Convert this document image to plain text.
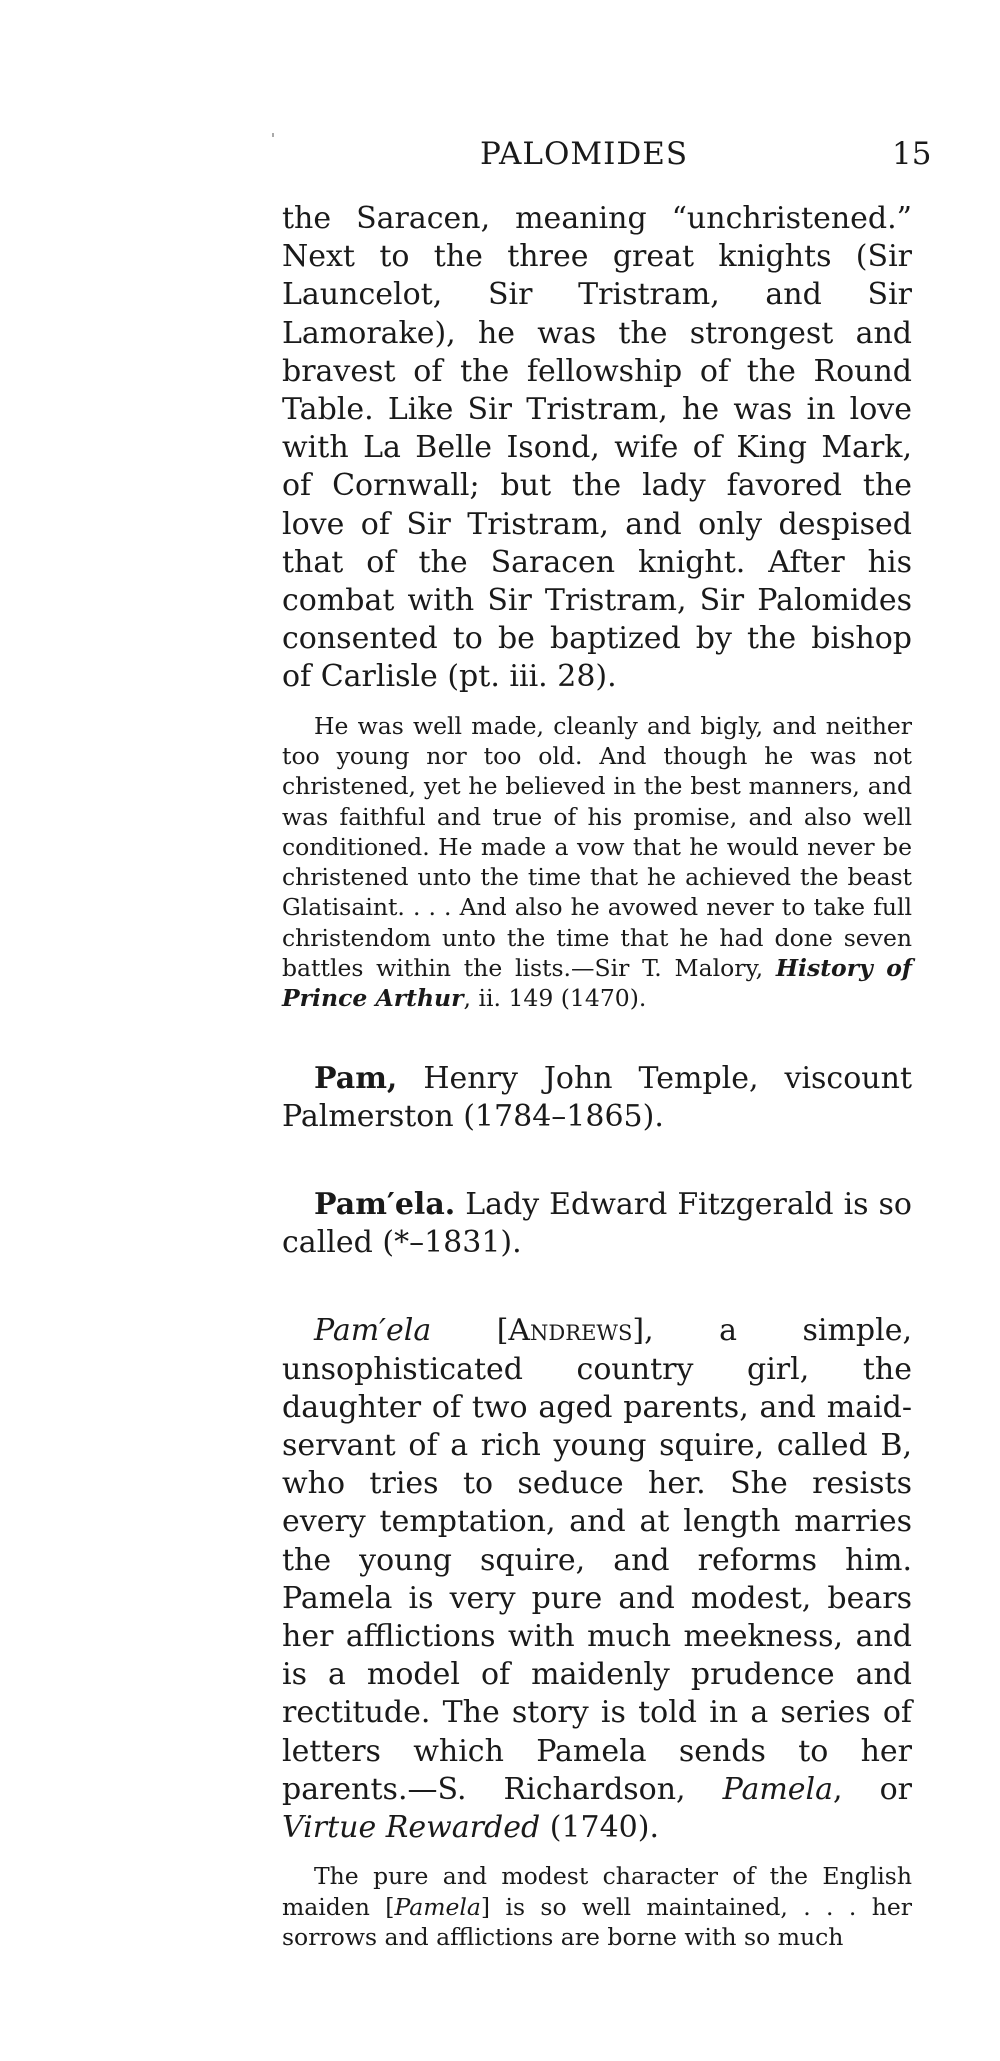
PALOMIDES	15

the Saracen, meaning “unchristened.” Next to the three great knights (Sir Launcelot, Sir Tristram, and Sir Lamorake), he was the strongest and bravest of the fellowship of the Round Table. Like Sir Tristram, he was in love with La Belle Isond, wife of King Mark, of Cornwall; but the lady favored the love of Sir Tristram, and only despised that of the Saracen knight. After his combat with Sir Tristram, Sir Palomides consented to be baptized by the bishop of Carlisle (pt. iii. 28).

He was well made, cleanly and bigly, and neither too young nor too old. And though he was not christened, yet he believed in the best manners, and was faithful and true of his promise, and also well conditioned. He made a vow that he would never be christened unto the time that he achieved the beast Glatisaint. . . . And also he avowed never to take full christendom unto the time that he had done seven battles within the lists.—Sir T. Malory, History of Prince Arthur, ii. 149 (1470).

Pam, Henry John Temple, viscount Palmerston (1784–1865).

Pam′ela. Lady Edward Fitzgerald is so called (*–1831).

Pam′ela [Andrews], a simple, unsophisticated country girl, the daughter of two aged parents, and maid-servant of a rich young squire, called B, who tries to seduce her. She resists every temptation, and at length marries the young squire, and reforms him. Pamela is very pure and modest, bears her afflictions with much meekness, and is a model of maidenly prudence and rectitude. The story is told in a series of letters which Pamela sends to her parents.—S. Richardson, Pamela, or Virtue Rewarded (1740).

The pure and modest character of the English maiden [Pamela] is so well maintained, . . . her sorrows and afflictions are borne with so much
